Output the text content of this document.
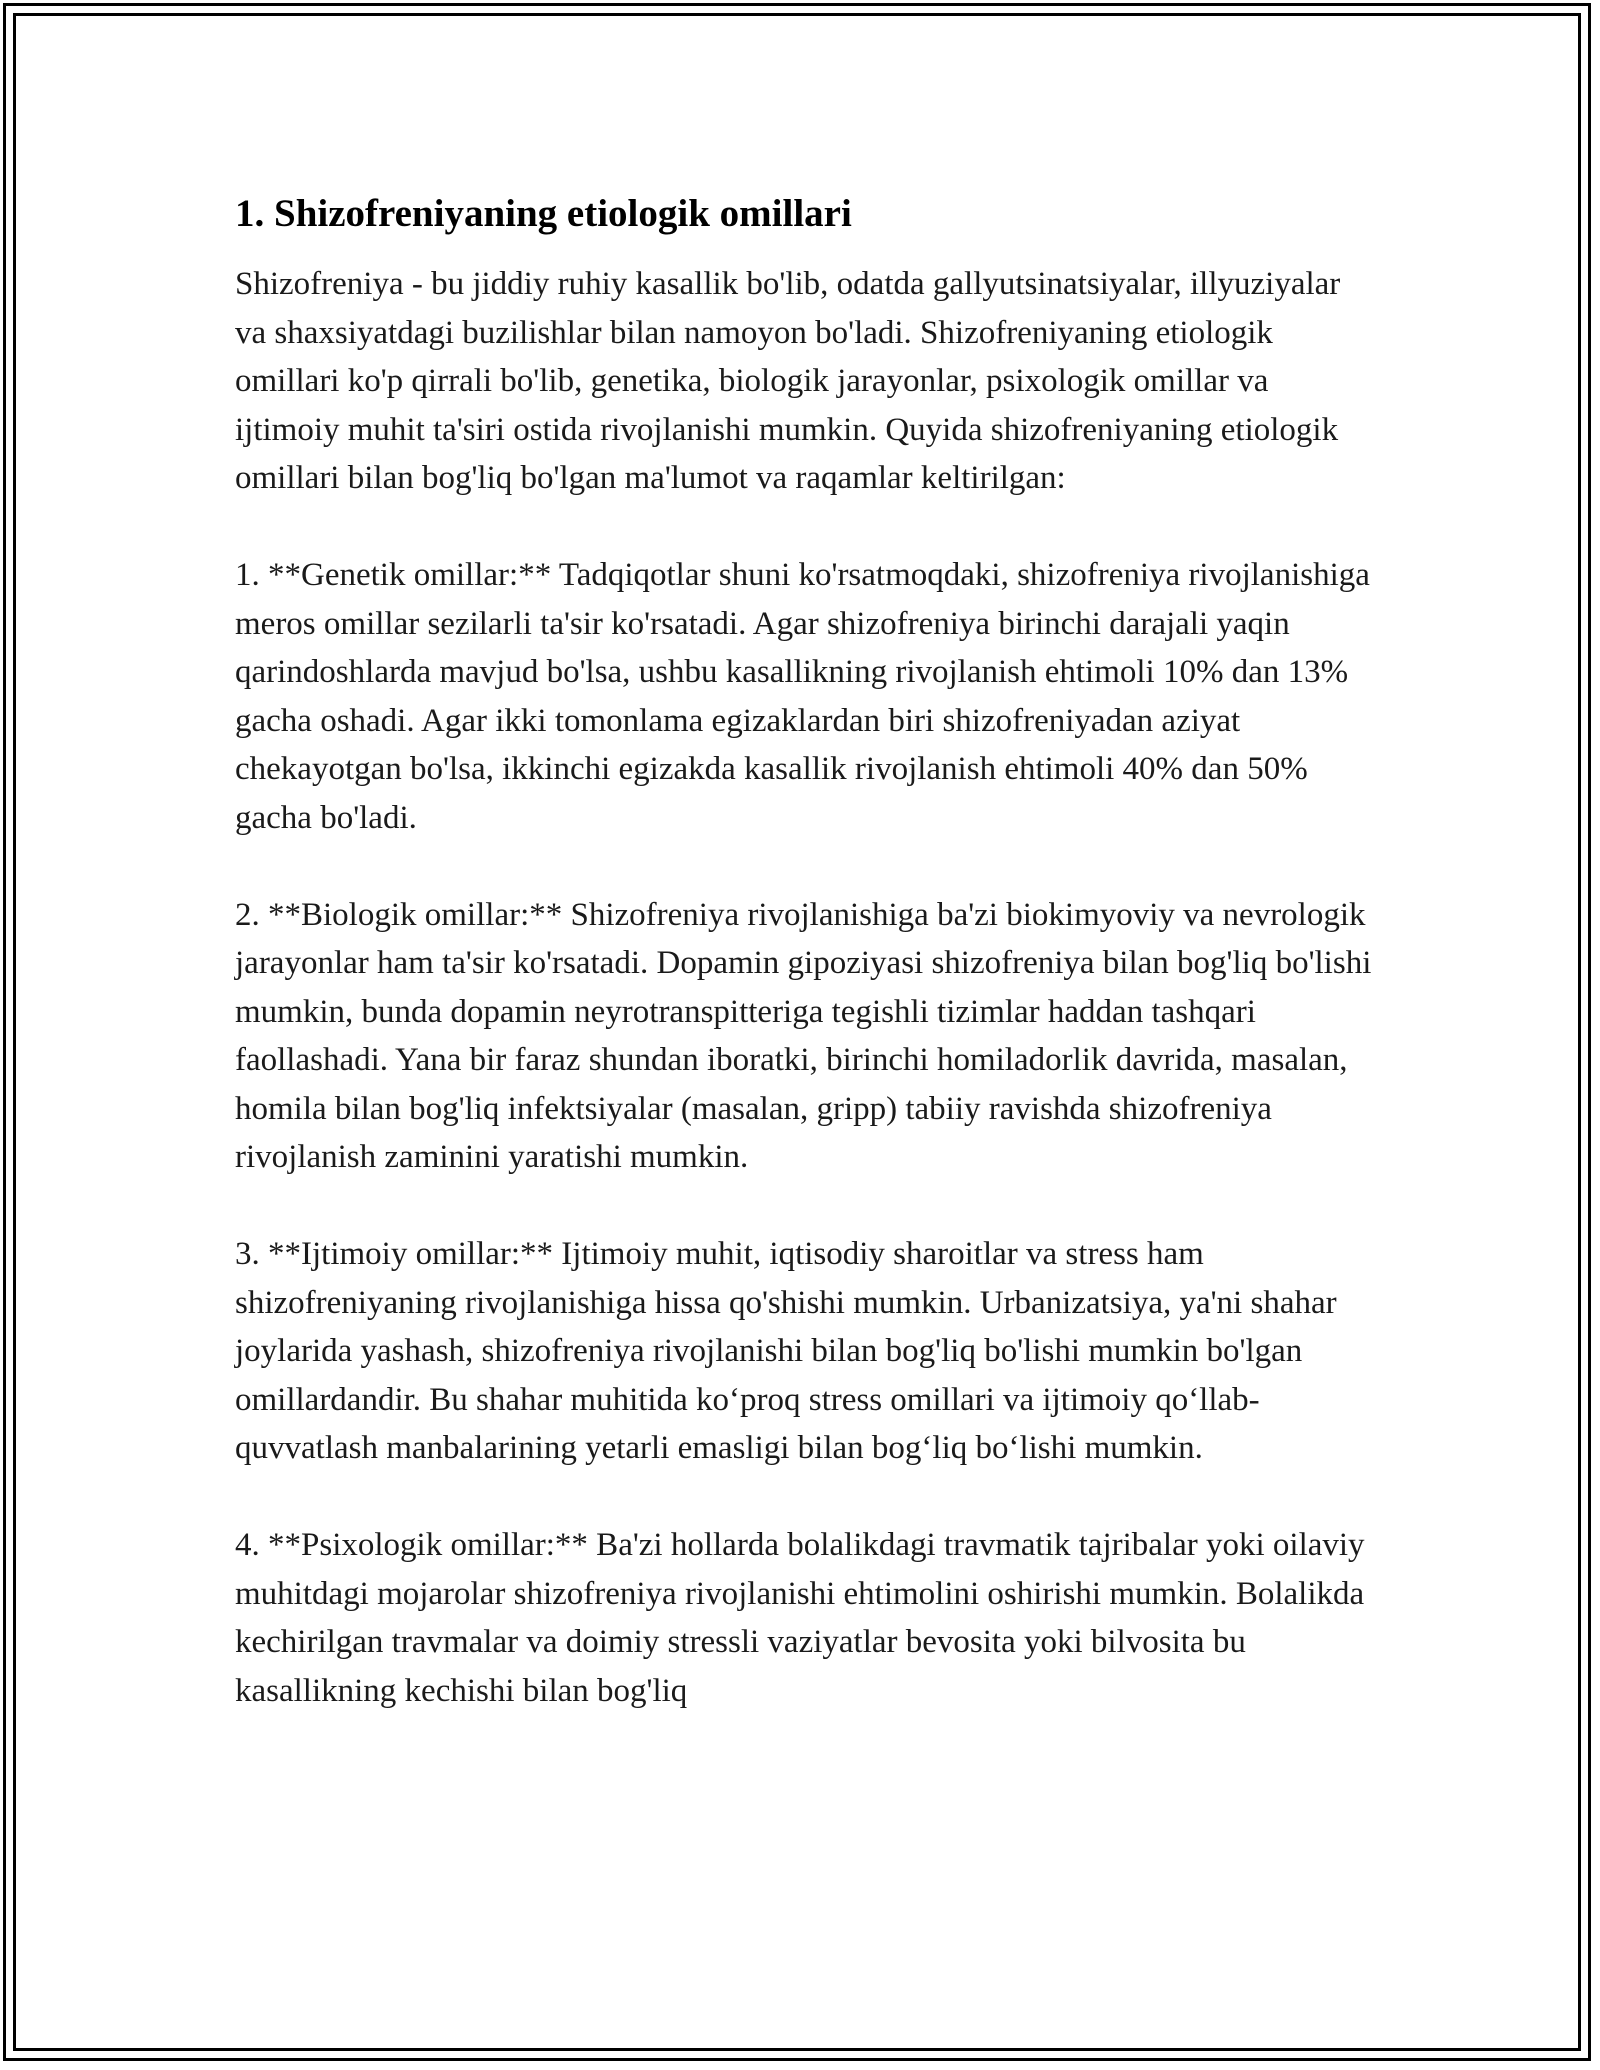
1. Shizofreniyaning etiologik omillari

Shizofreniya - bu jiddiy ruhiy kasallik bo'lib, odatda gallyutsinatsiyalar, illyuziyalar va shaxsiyatdagi buzilishlar bilan namoyon bo'ladi. Shizofreniyaning etiologik omillari ko'p qirrali bo'lib, genetika, biologik jarayonlar, psixologik omillar va ijtimoiy muhit ta'siri ostida rivojlanishi mumkin. Quyida shizofreniyaning etiologik omillari bilan bog'liq bo'lgan ma'lumot va raqamlar keltirilgan:

1. **Genetik omillar:** Tadqiqotlar shuni ko'rsatmoqdaki, shizofreniya rivojlanishiga meros omillar sezilarli ta'sir ko'rsatadi. Agar shizofreniya birinchi darajali yaqin qarindoshlarda mavjud bo'lsa, ushbu kasallikning rivojlanish ehtimoli 10% dan 13% gacha oshadi. Agar ikki tomonlama egizaklardan biri shizofreniyadan aziyat chekayotgan bo'lsa, ikkinchi egizakda kasallik rivojlanish ehtimoli 40% dan 50% gacha bo'ladi.

2. **Biologik omillar:** Shizofreniya rivojlanishiga ba'zi biokimyoviy va nevrologik jarayonlar ham ta'sir ko'rsatadi. Dopamin gipoziyasi shizofreniya bilan bog'liq bo'lishi mumkin, bunda dopamin neyrotranspitteriga tegishli tizimlar haddan tashqari faollashadi. Yana bir faraz shundan iboratki, birinchi homiladorlik davrida, masalan, homila bilan bog'liq infektsiyalar (masalan, gripp) tabiiy ravishda shizofreniya rivojlanish zaminini yaratishi mumkin.

3. **Ijtimoiy omillar:** Ijtimoiy muhit, iqtisodiy sharoitlar va stress ham shizofreniyaning rivojlanishiga hissa qo'shishi mumkin. Urbanizatsiya, ya'ni shahar joylarida yashash, shizofreniya rivojlanishi bilan bog'liq bo'lishi mumkin bo'lgan omillardandir. Bu shahar muhitida ko‘proq stress omillari va ijtimoiy qo‘llab-quvvatlash manbalarining yetarli emasligi bilan bog‘liq bo‘lishi mumkin.

4. **Psixologik omillar:** Ba'zi hollarda bolalikdagi travmatik tajribalar yoki oilaviy muhitdagi mojarolar shizofreniya rivojlanishi ehtimolini oshirishi mumkin. Bolalikda kechirilgan travmalar va doimiy stressli vaziyatlar bevosita yoki bilvosita bu kasallikning kechishi bilan bog'liq
